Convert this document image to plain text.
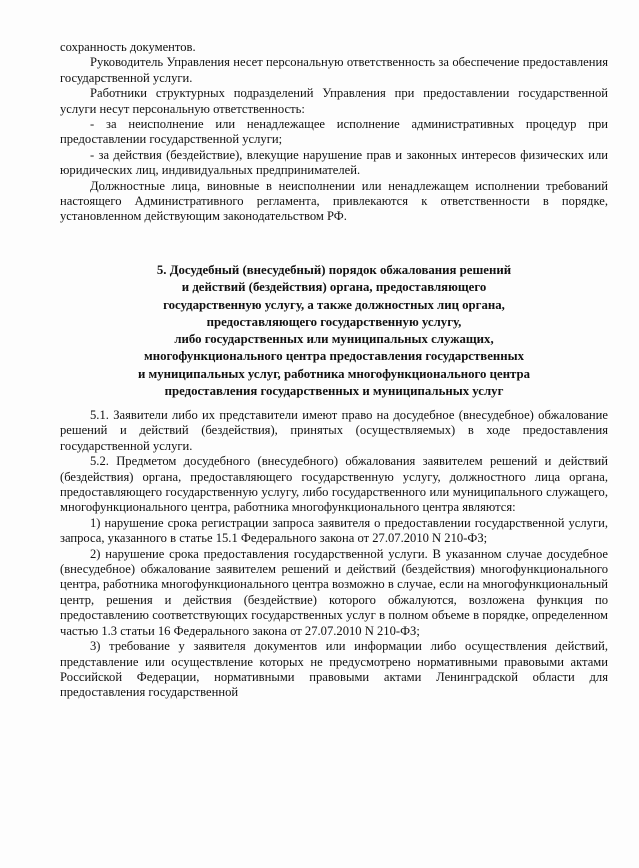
сохранность документов.

Руководитель Управления несет персональную ответственность за обеспечение предоставления государственной услуги.

Работники структурных подразделений Управления при предоставлении государственной услуги несут персональную ответственность:

- за неисполнение или ненадлежащее исполнение административных процедур при предоставлении государственной услуги;

- за действия (бездействие), влекущие нарушение прав и законных интересов физических или юридических лиц, индивидуальных предпринимателей.

Должностные лица, виновные в неисполнении или ненадлежащем исполнении требований настоящего Административного регламента, привлекаются к ответственности в порядке, установленном действующим законодательством РФ.

5. Досудебный (внесудебный) порядок обжалования решений
и действий (бездействия) органа, предоставляющего
государственную услугу, а также должностных лиц органа,
предоставляющего государственную услугу,
либо государственных или муниципальных служащих,
многофункционального центра предоставления государственных
и муниципальных услуг, работника многофункционального центра
предоставления государственных и муниципальных услуг

5.1. Заявители либо их представители имеют право на досудебное (внесудебное) обжалование решений и действий (бездействия), принятых (осуществляемых) в ходе предоставления государственной услуги.

5.2. Предметом досудебного (внесудебного) обжалования заявителем решений и действий (бездействия) органа, предоставляющего государственную услугу, должностного лица органа, предоставляющего государственную услугу, либо государственного или муниципального служащего, многофункционального центра, работника многофункционального центра являются:

1) нарушение срока регистрации запроса заявителя о предоставлении государственной услуги, запроса, указанного в статье 15.1 Федерального закона от 27.07.2010 N 210-ФЗ;

2) нарушение срока предоставления государственной услуги. В указанном случае досудебное (внесудебное) обжалование заявителем решений и действий (бездействия) многофункционального центра, работника многофункционального центра возможно в случае, если на многофункциональный центр, решения и действия (бездействие) которого обжалуются, возложена функция по предоставлению соответствующих государственных услуг в полном объеме в порядке, определенном частью 1.3 статьи 16 Федерального закона от 27.07.2010 N 210-ФЗ;

3) требование у заявителя документов или информации либо осуществления действий, представление или осуществление которых не предусмотрено нормативными правовыми актами Российской Федерации, нормативными правовыми актами Ленинградской области для предоставления государственной
